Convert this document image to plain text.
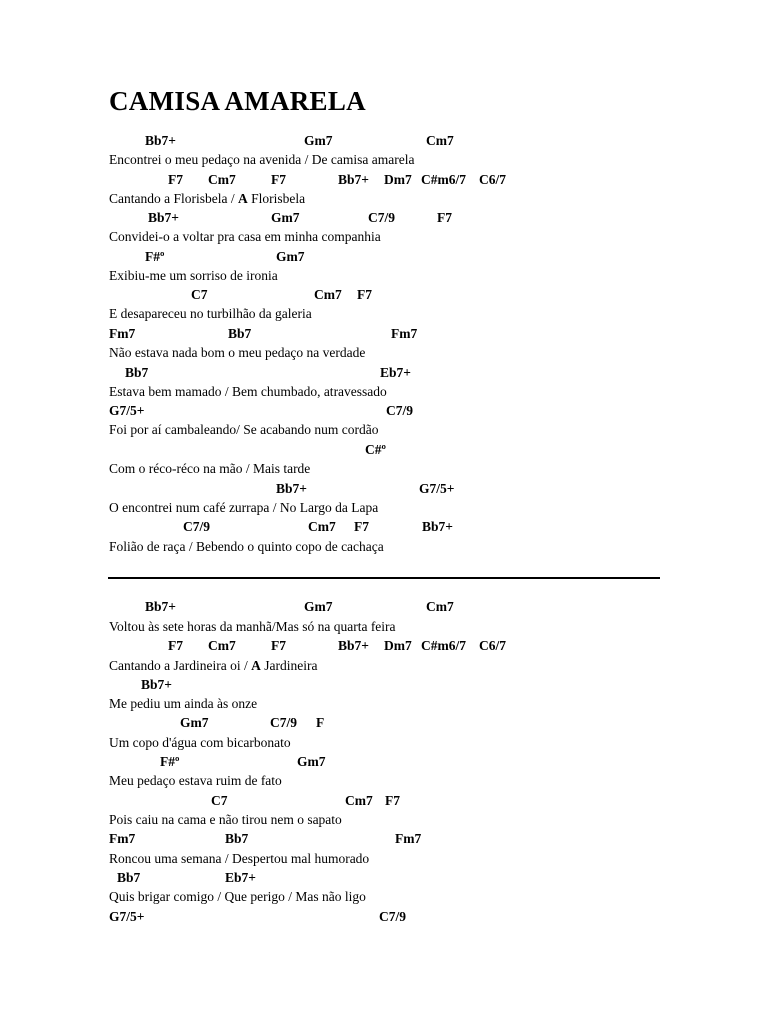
CAMISA AMARELA
Bb7+	Gm7	Cm7
Encontrei o meu pedaço na avenida / De camisa amarela
F7 Cm7	F7	Bb7+ Dm7 C#m6/7 C6/7
Cantando a Florisbela / A Florisbela
Bb7+	Gm7	C7/9	F7
Convidei-o a voltar pra casa em minha companhia
F#º	Gm7
Exibiu-me um sorriso de ironia
C7	Cm7 F7
E desapareceu no turbilhão da galeria
Fm7	Bb7	Fm7
Não estava nada bom o meu pedaço na verdade
Bb7	Eb7+
Estava bem mamado / Bem chumbado, atravessado
G7/5+	C7/9
Foi por aí cambaleando/ Se acabando num cordão
C#º
Com o réco-réco na mão / Mais tarde
Bb7+	G7/5+
O encontrei num café zurrapa / No Largo da Lapa
C7/9	Cm7 F7	Bb7+
Folião de raça / Bebendo o quinto copo de cachaça
Bb7+	Gm7	Cm7
Voltou às sete horas da manhã/Mas só na quarta feira
F7 Cm7	F7	Bb7+ Dm7 C#m6/7 C6/7
Cantando a Jardineira oi / A Jardineira
Bb7+
Me pediu um ainda às onze
Gm7	C7/9 F
Um copo d'água com bicarbonato
F#º	Gm7
Meu pedaço estava ruim de fato
C7	Cm7 F7
Pois caiu na cama e não tirou nem o sapato
Fm7	Bb7	Fm7
Roncou uma semana / Despertou mal humorado
Bb7	Eb7+
Quis brigar comigo / Que perigo / Mas não ligo
G7/5+	C7/9
